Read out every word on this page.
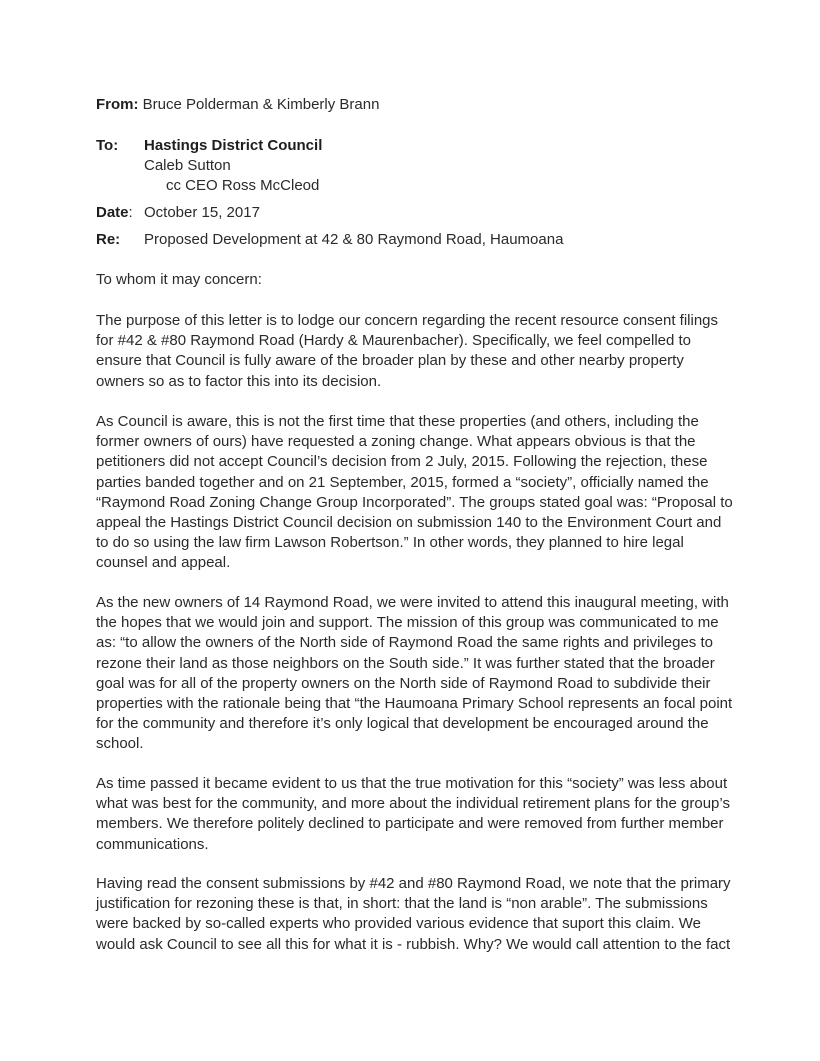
From: Bruce Polderman & Kimberly Brann
To: Hastings District Council
Caleb Sutton
cc CEO Ross McCleod
Date: October 15, 2017
Re: Proposed Development at 42 & 80 Raymond Road, Haumoana
To whom it may concern:

The purpose of this letter is to lodge our concern regarding the recent resource consent filings for #42 & #80 Raymond Road (Hardy & Maurenbacher). Specifically, we feel compelled to ensure that Council is fully aware of the broader plan by these and other nearby property owners so as to factor this into its decision.

As Council is aware, this is not the first time that these properties (and others, including the former owners of ours) have requested a zoning change. What appears obvious is that the petitioners did not accept Council’s decision from 2 July, 2015. Following the rejection, these parties banded together and on 21 September, 2015, formed a “society”, officially named the “Raymond Road Zoning Change Group Incorporated”. The groups stated goal was: “Proposal to appeal the Hastings District Council decision on submission 140 to the Environment Court and to do so using the law firm Lawson Robertson.” In other words, they planned to hire legal counsel and appeal.

As the new owners of 14 Raymond Road, we were invited to attend this inaugural meeting, with the hopes that we would join and support. The mission of this group was communicated to me as: “to allow the owners of the North side of Raymond Road the same rights and privileges to rezone their land as those neighbors on the South side.” It was further stated that the broader goal was for all of the property owners on the North side of Raymond Road to subdivide their properties with the rationale being that “the Haumoana Primary School represents an focal point for the community and therefore it’s only logical that development be encouraged around the school.

As time passed it became evident to us that the true motivation for this “society” was less about what was best for the community, and more about the individual retirement plans for the group’s members. We therefore politely declined to participate and were removed from further member communications.

Having read the consent submissions by #42 and #80 Raymond Road, we note that the primary justification for rezoning these is that, in short: that the land is “non arable”. The submissions were backed by so-called experts who provided various evidence that suport this claim. We would ask Council to see all this for what it is - rubbish. Why? We would call attention to the fact
